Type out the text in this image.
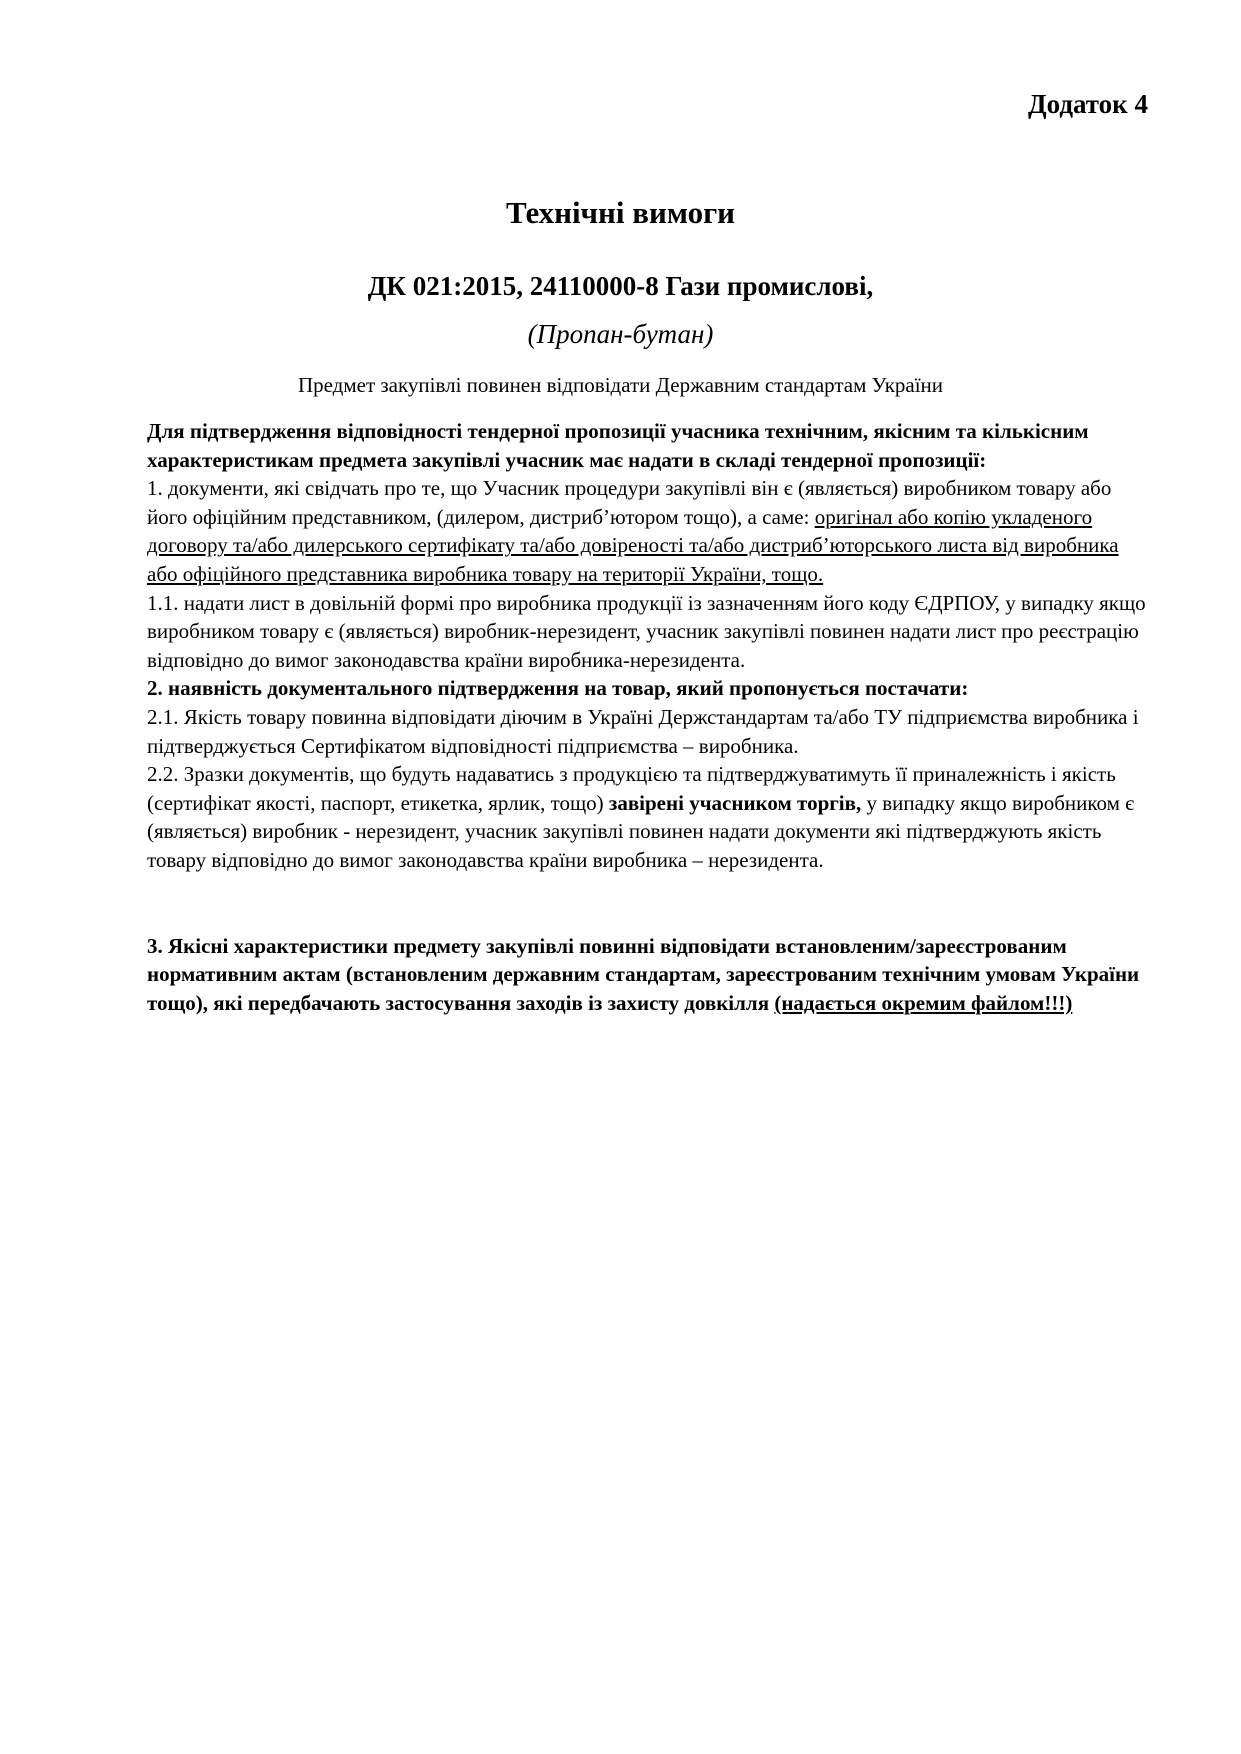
Додаток 4
Технічні вимоги
ДК 021:2015, 24110000-8 Гази промислові,
(Пропан-бутан)
Предмет закупівлі повинен відповідати Державним стандартам України

Для підтвердження відповідності тендерної пропозиції учасника технічним, якісним та кількісним характеристикам предмета закупівлі учасник має надати в складі тендерної пропозиції:

1. документи, які свідчать про те, що Учасник процедури закупівлі він є (являється) виробником товару або його офіційним представником, (дилером, дистриб’ютором тощо), а саме: оригінал або копію укладеного договору та/або дилерського сертифікату та/або довіреності та/або дистриб’юторського листа від виробника або офіційного представника виробника товару на території України, тощо.

1.1. надати лист в довільній формі про виробника продукції із зазначенням його коду ЄДРПОУ, у випадку якщо виробником товару є (являється) виробник-нерезидент, учасник закупівлі повинен надати лист про реєстрацію відповідно до вимог законодавства країни виробника-нерезидента.

2. наявність документального підтвердження на товар, який пропонується постачати:

2.1. Якість товару повинна відповідати діючим в Україні Держстандартам та/або ТУ підприємства виробника і підтверджується Сертифікатом відповідності підприємства – виробника.

2.2. Зразки документів, що будуть надаватись з продукцією та підтверджуватимуть її приналежність і якість (сертифікат якості, паспорт, етикетка, ярлик, тощо) завірені учасником торгів, у випадку якщо виробником є (являється) виробник - нерезидент, учасник закупівлі повинен надати документи які підтверджують якість товару відповідно до вимог законодавства країни виробника – нерезидента.

3. Якісні характеристики предмету закупівлі повинні відповідати встановленим/зареєстрованим нормативним актам (встановленим державним стандартам, зареєстрованим технічним умовам України тощо), які передбачають застосування заходів із захисту довкілля (надається окремим файлом!!!)
